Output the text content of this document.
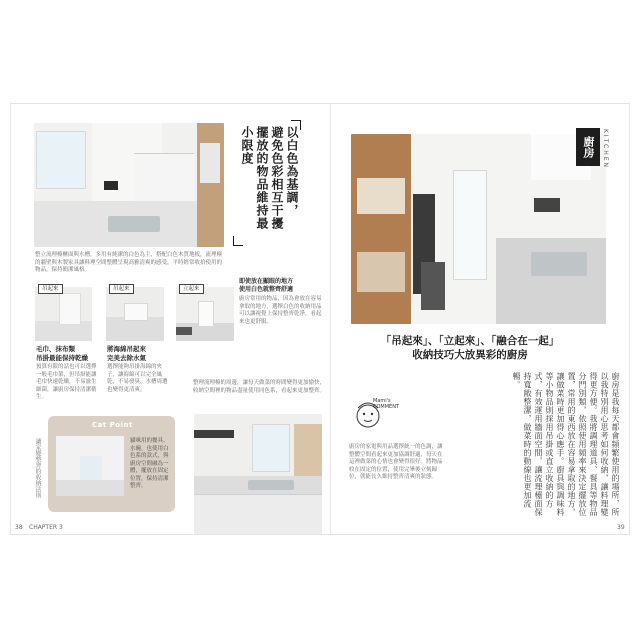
以白色為基調，
避免色彩相互干擾
擺放的物品維持最小限度
整立流理檯櫃面與水槽，多用有純潔的白色為主，搭配白色木質地板，流理檯的牆壁與木製家具讓料理空間整體呈現高雅清爽的感受，平時經常收拾使用的物品，保持簡潔風格。
吊起來	吊起來	立起來
毛巾、抹布類
吊掛最能保持乾燥
預算有限的話也可以選擇一般毛巾架，但吊掛能讓毛巾快速乾燥，不易滋生細菌，讓廚房保持清潔衛生。
將海綿吊起來
完美去除水氣
選擇能夠吊掛海綿的夾子，讓海綿可以完全風乾，不易發臭，水槽周遭也變得更清爽。
即使放在顯眼的地方
使用白色就整齊舒適
廚房常用的物品，因為會放在容易拿取的地方，選擇白色的收納用品可以讓視覺上保持整齊乾淨，看起來也更舒服。
整理流理檯的周邊，讓每天做菜的時間變得更加愉快，收納空間裡的物品盡量使用同色系，看起來更加整齊。
Cat Point
貓咪用的餐具、水碗，也使用白色系的款式，與廚房空間融為一體，擺放在固定位置，保持清潔整齊。
讓家變整齊的收納法則
38 CHAPTER 3
廚房	KITCHEN
「吊起來」、「立起來」、「融合在一起」
收納技巧大放異彩的廚房
廚房是我每天都會頻繁使用的場所，所以我特別用心思考如何收納，讓料理變得更方便。我將調理道具、餐具等物品分門別類，依照使用頻率來決定擺放位置，常用的東西放在容易拿取的地方，讓做菜時更加得心應手。廚具與調味料等小物品則採用吊掛或直立收納的方式，有效運用牆面空間，讓流理檯面保持寬敞整潔，做菜時的動線也更加流暢。
Mami's COMMENT
廚房的家電與用品選擇統一的色調，讓整體空間看起來更加協調舒適，每天在這裡做菜的心情也會變得很好。將物品收在固定的位置，使用完畢後立刻歸位，就能長久維持整齊清爽的狀態。
39
